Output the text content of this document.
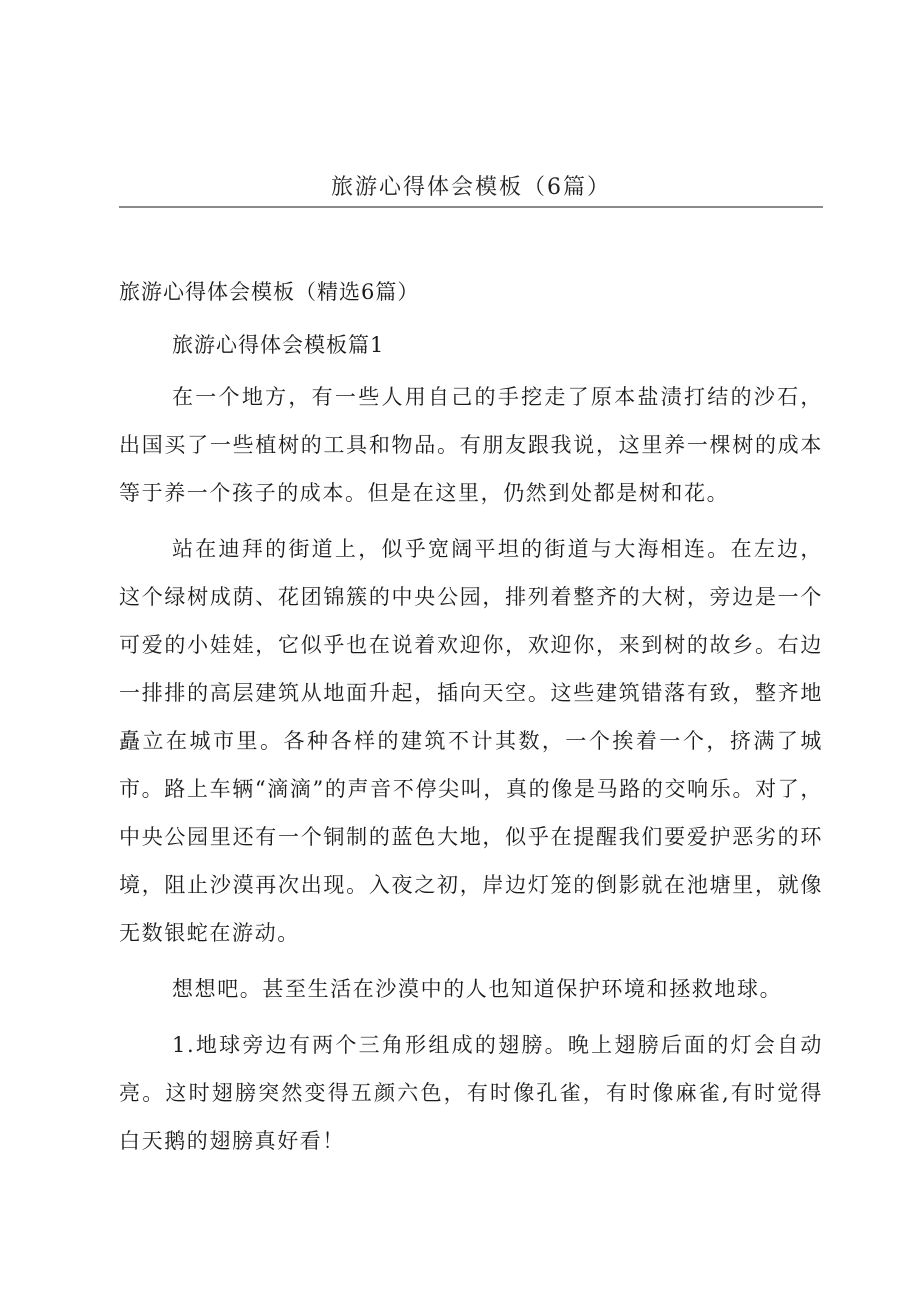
旅游心得体会模板（6篇）
旅游心得体会模板（精选6篇）
旅游心得体会模板篇1

在一个地方，有一些人用自己的手挖走了原本盐渍打结的沙石，出国买了一些植树的工具和物品。有朋友跟我说，这里养一棵树的成本等于养一个孩子的成本。但是在这里，仍然到处都是树和花。

站在迪拜的街道上，似乎宽阔平坦的街道与大海相连。在左边，这个绿树成荫、花团锦簇的中央公园，排列着整齐的大树，旁边是一个可爱的小娃娃，它似乎也在说着欢迎你，欢迎你，来到树的故乡。右边一排排的高层建筑从地面升起，插向天空。这些建筑错落有致，整齐地矗立在城市里。各种各样的建筑不计其数，一个挨着一个，挤满了城市。路上车辆“滴滴”的声音不停尖叫，真的像是马路的交响乐。对了，中央公园里还有一个铜制的蓝色大地，似乎在提醒我们要爱护恶劣的环境，阻止沙漠再次出现。入夜之初，岸边灯笼的倒影就在池塘里，就像无数银蛇在游动。

想想吧。甚至生活在沙漠中的人也知道保护环境和拯救地球。

1.地球旁边有两个三角形组成的翅膀。晚上翅膀后面的灯会自动亮。这时翅膀突然变得五颜六色，有时像孔雀，有时像麻雀,有时觉得白天鹅的翅膀真好看！
